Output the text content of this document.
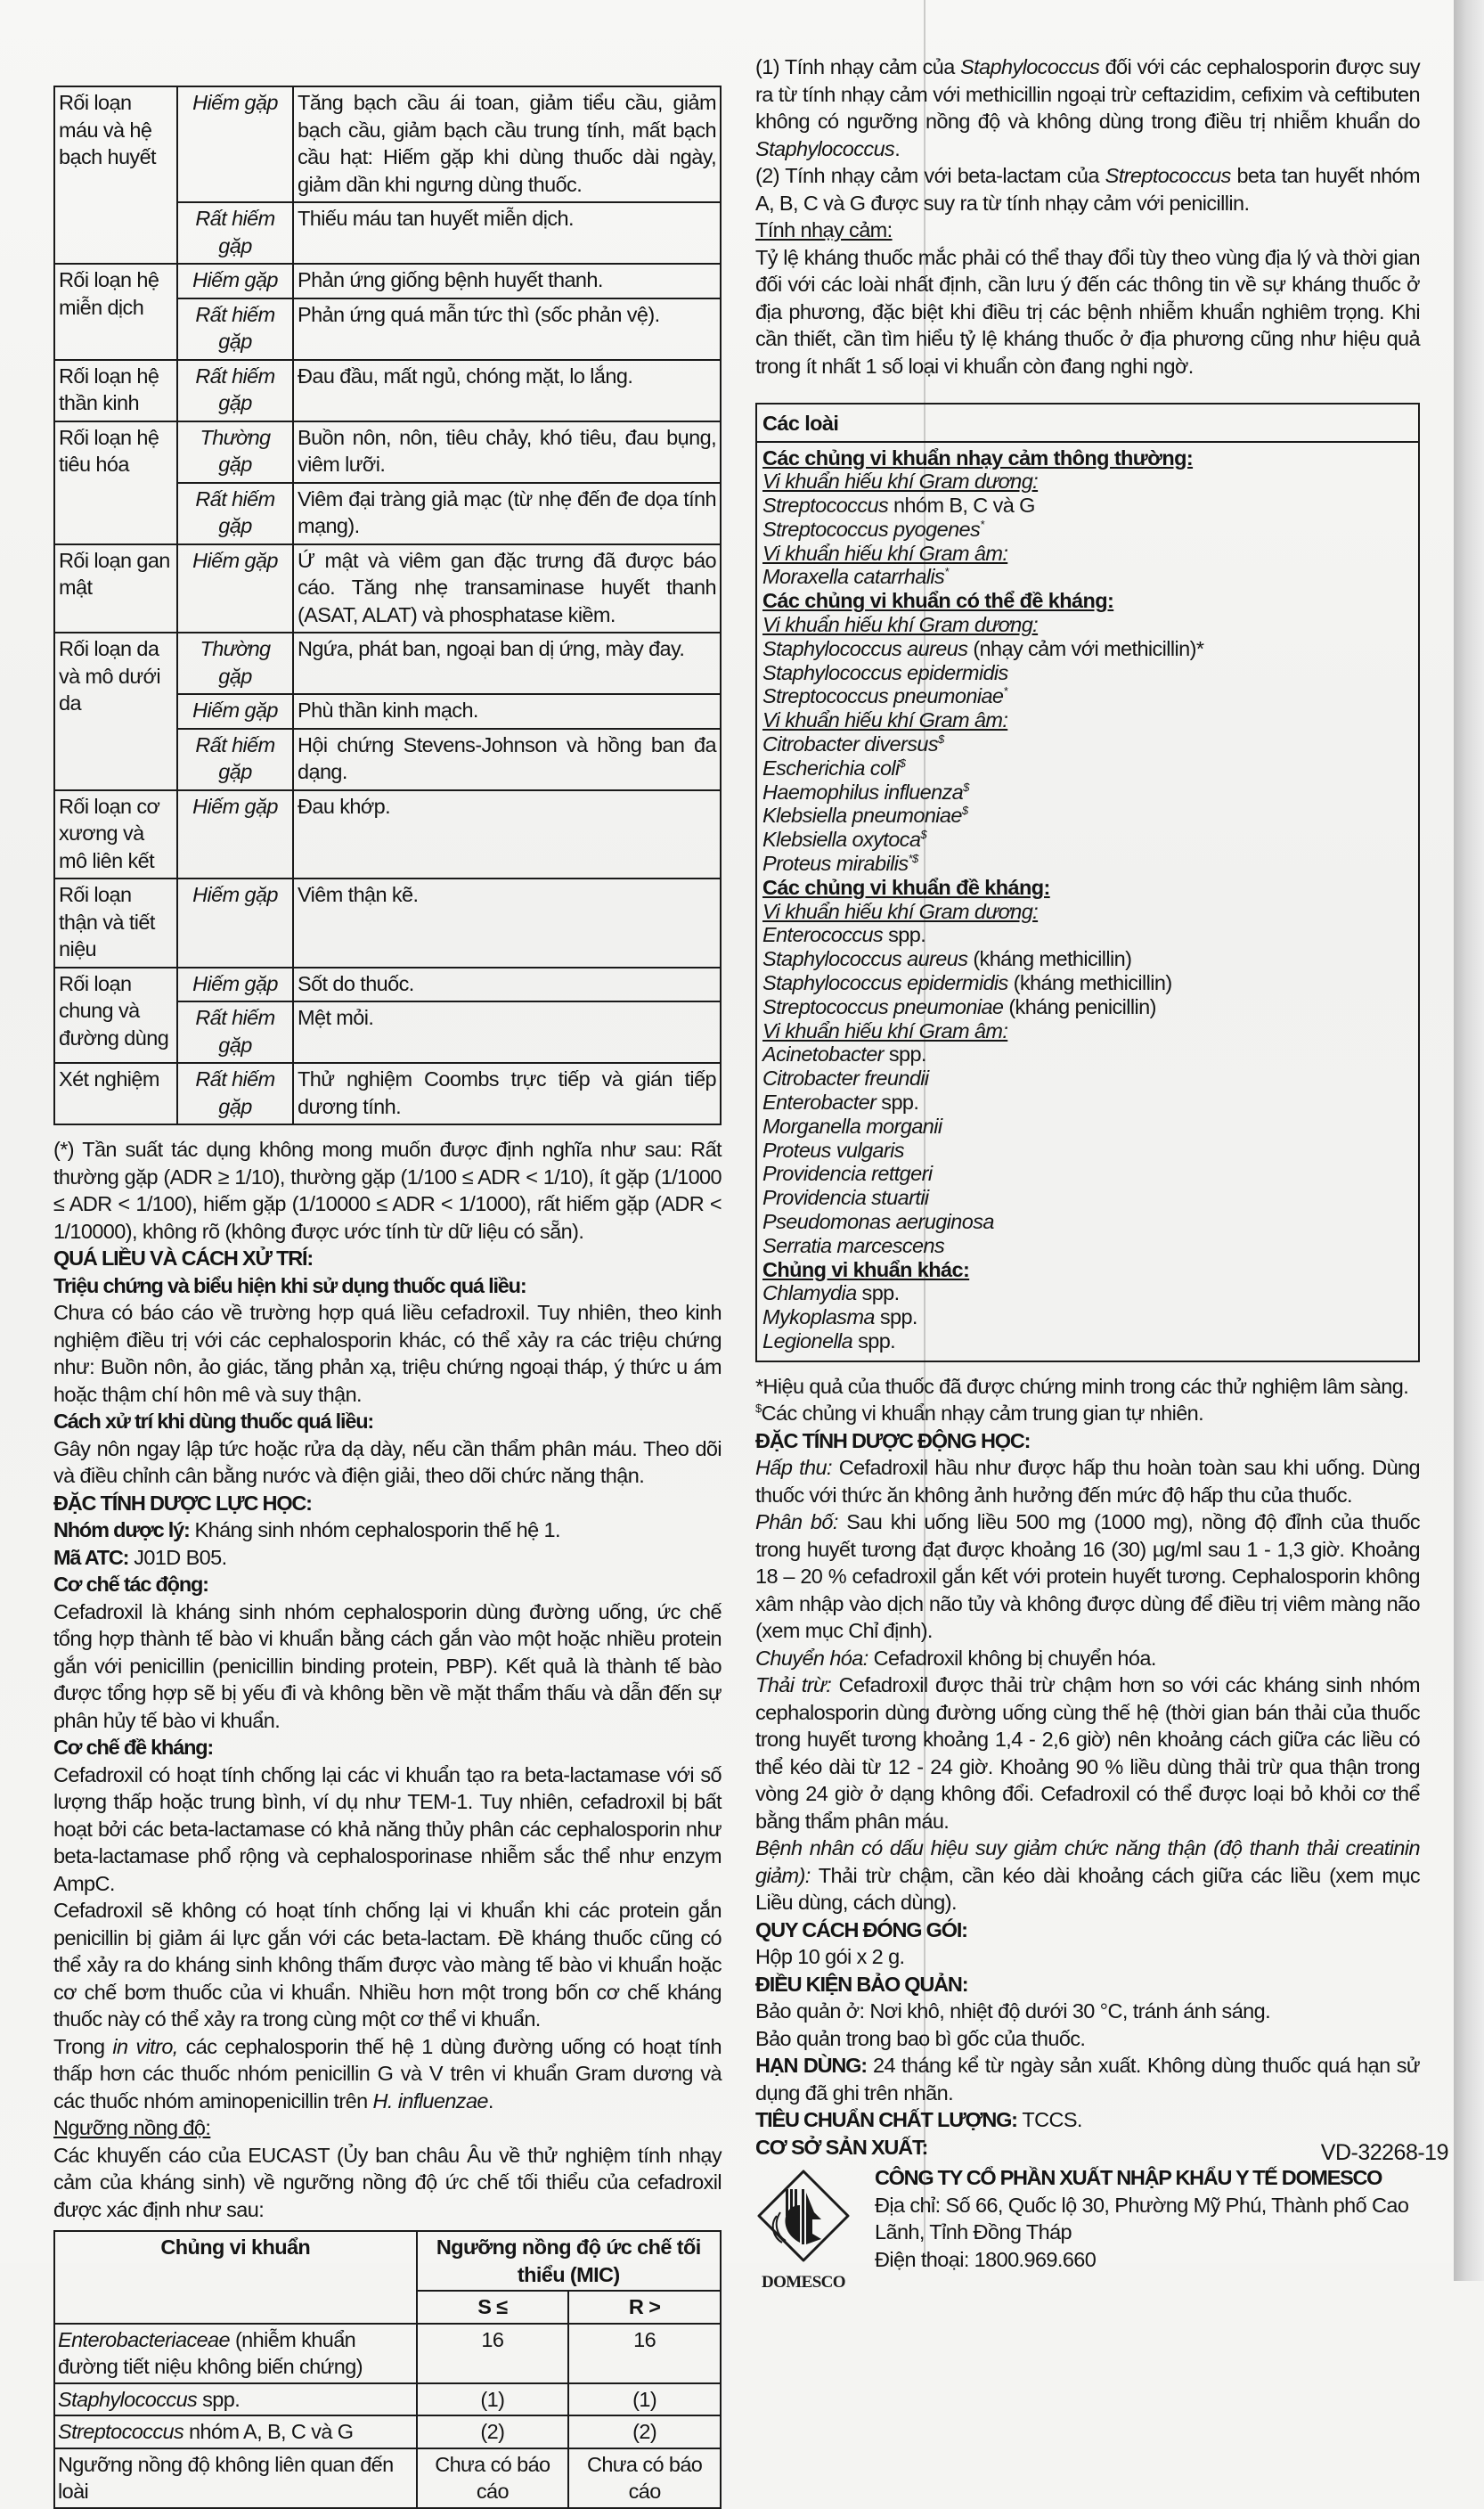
Rối loạn máu và hệ bạch huyết	Hiếm gặp	Tăng bạch cầu ái toan, giảm tiểu cầu, giảm bạch cầu, giảm bạch cầu trung tính, mất bạch cầu hạt: Hiếm gặp khi dùng thuốc dài ngày, giảm dần khi ngưng dùng thuốc.
	Rất hiếm gặp	Thiếu máu tan huyết miễn dịch.
Rối loạn hệ miễn dịch	Hiếm gặp	Phản ứng giống bệnh huyết thanh.
	Rất hiếm gặp	Phản ứng quá mẫn tức thì (sốc phản vệ).
Rối loạn hệ thần kinh	Rất hiếm gặp	Đau đầu, mất ngủ, chóng mặt, lo lắng.
Rối loạn hệ tiêu hóa	Thường gặp	Buồn nôn, nôn, tiêu chảy, khó tiêu, đau bụng, viêm lưỡi.
	Rất hiếm gặp	Viêm đại tràng giả mạc (từ nhẹ đến đe dọa tính mạng).
Rối loạn gan mật	Hiếm gặp	Ứ mật và viêm gan đặc trưng đã được báo cáo. Tăng nhẹ transaminase huyết thanh (ASAT, ALAT) và phosphatase kiềm.
Rối loạn da và mô dưới da	Thường gặp	Ngứa, phát ban, ngoại ban dị ứng, mày đay.
	Hiếm gặp	Phù thần kinh mạch.
	Rất hiếm gặp	Hội chứng Stevens-Johnson và hồng ban đa dạng.
Rối loạn cơ xương và mô liên kết	Hiếm gặp	Đau khớp.
Rối loạn thận và tiết niệu	Hiếm gặp	Viêm thận kẽ.
Rối loạn chung và đường dùng	Hiếm gặp	Sốt do thuốc.
	Rất hiếm gặp	Mệt mỏi.
Xét nghiệm	Rất hiếm gặp	Thử nghiệm Coombs trực tiếp và gián tiếp dương tính.

(*) Tần suất tác dụng không mong muốn được định nghĩa như sau: Rất thường gặp (ADR ≥ 1/10), thường gặp (1/100 ≤ ADR < 1/10), ít gặp (1/1000 ≤ ADR < 1/100), hiếm gặp (1/10000 ≤ ADR < 1/1000), rất hiếm gặp (ADR < 1/10000), không rõ (không được ước tính từ dữ liệu có sẵn).

QUÁ LIỀU VÀ CÁCH XỬ TRÍ:
Triệu chứng và biểu hiện khi sử dụng thuốc quá liều:

Chưa có báo cáo về trường hợp quá liều cefadroxil. Tuy nhiên, theo kinh nghiệm điều trị với các cephalosporin khác, có thể xảy ra các triệu chứng như: Buồn nôn, ảo giác, tăng phản xạ, triệu chứng ngoại tháp, ý thức u ám hoặc thậm chí hôn mê và suy thận.

Cách xử trí khi dùng thuốc quá liều:

Gây nôn ngay lập tức hoặc rửa dạ dày, nếu cần thẩm phân máu. Theo dõi và điều chỉnh cân bằng nước và điện giải, theo dõi chức năng thận.

ĐẶC TÍNH DƯỢC LỰC HỌC:

Nhóm dược lý: Kháng sinh nhóm cephalosporin thế hệ 1.

Mã ATC: J01D B05.

Cơ chế tác động:

Cefadroxil là kháng sinh nhóm cephalosporin dùng đường uống, ức chế tổng hợp thành tế bào vi khuẩn bằng cách gắn vào một hoặc nhiều protein gắn với penicillin (penicillin binding protein, PBP). Kết quả là thành tế bào được tổng hợp sẽ bị yếu đi và không bền về mặt thẩm thấu và dẫn đến sự phân hủy tế bào vi khuẩn.

Cơ chế đề kháng:

Cefadroxil có hoạt tính chống lại các vi khuẩn tạo ra beta-lactamase với số lượng thấp hoặc trung bình, ví dụ như TEM-1. Tuy nhiên, cefadroxil bị bất hoạt bởi các beta-lactamase có khả năng thủy phân các cephalosporin như beta-lactamase phổ rộng và cephalosporinase nhiễm sắc thể như enzym AmpC.

Cefadroxil sẽ không có hoạt tính chống lại vi khuẩn khi các protein gắn penicillin bị giảm ái lực gắn với các beta-lactam. Đề kháng thuốc cũng có thể xảy ra do kháng sinh không thấm được vào màng tế bào vi khuẩn hoặc cơ chế bơm thuốc của vi khuẩn. Nhiều hơn một trong bốn cơ chế kháng thuốc này có thể xảy ra trong cùng một cơ thể vi khuẩn.

Trong in vitro, các cephalosporin thế hệ 1 dùng đường uống có hoạt tính thấp hơn các thuốc nhóm penicillin G và V trên vi khuẩn Gram dương và các thuốc nhóm aminopenicillin trên H. influenzae.

Ngưỡng nồng độ:

Các khuyến cáo của EUCAST (Ủy ban châu Âu về thử nghiệm tính nhạy cảm của kháng sinh) về ngưỡng nồng độ ức chế tối thiểu của cefadroxil được xác định như sau:

Chủng vi khuẩn	Ngưỡng nồng độ ức chế tối thiểu (MIC)	
	S ≤	R >
Enterobacteriaceae (nhiễm khuẩn đường tiết niệu không biến chứng)	16	16
Staphylococcus spp.	(1)	(1)
Streptococcus nhóm A, B, C và G	(2)	(2)
Ngưỡng nồng độ không liên quan đến loài	Chưa có báo cáo	Chưa có báo cáo

(1) Tính nhạy cảm của Staphylococcus đối với các cephalosporin được suy ra từ tính nhạy cảm với methicillin ngoại trừ ceftazidim, cefixim và ceftibuten không có ngưỡng nồng độ và không dùng trong điều trị nhiễm khuẩn do Staphylococcus.

(2) Tính nhạy cảm với beta-lactam của Streptococcus beta tan huyết nhóm A, B, C và G được suy ra từ tính nhạy cảm với penicillin.

Tính nhạy cảm:

Tỷ lệ kháng thuốc mắc phải có thể thay đổi tùy theo vùng địa lý và thời gian đối với các loài nhất định, cần lưu ý đến các thông tin về sự kháng thuốc ở địa phương, đặc biệt khi điều trị các bệnh nhiễm khuẩn nghiêm trọng. Khi cần thiết, cần tìm hiểu tỷ lệ kháng thuốc ở địa phương cũng như hiệu quả trong ít nhất 1 số loại vi khuẩn còn đang nghi ngờ.

Các loài
Các chủng vi khuẩn nhạy cảm thông thường:
Vi khuẩn hiếu khí Gram dương:
Streptococcus nhóm B, C và G
Streptococcus pyogenes*
Vi khuẩn hiếu khí Gram âm:
Moraxella catarrhalis*
Các chủng vi khuẩn có thể đề kháng:
Vi khuẩn hiếu khí Gram dương:
Staphylococcus aureus (nhạy cảm với methicillin)*
Staphylococcus epidermidis
Streptococcus pneumoniae*
Vi khuẩn hiếu khí Gram âm:
Citrobacter diversus$
Escherichia coli$
Haemophilus influenza$
Klebsiella pneumoniae$
Klebsiella oxytoca$
Proteus mirabilis*$
Các chủng vi khuẩn đề kháng:
Vi khuẩn hiếu khí Gram dương:
Enterococcus spp.
Staphylococcus aureus (kháng methicillin)
Staphylococcus epidermidis (kháng methicillin)
Streptococcus pneumoniae (kháng penicillin)
Vi khuẩn hiếu khí Gram âm:
Acinetobacter spp.
Citrobacter freundii
Enterobacter spp.
Morganella morganii
Proteus vulgaris
Providencia rettgeri
Providencia stuartii
Pseudomonas aeruginosa
Serratia marcescens
Chủng vi khuẩn khác:
Chlamydia spp.
Mykoplasma spp.
Legionella spp.

*Hiệu quả của thuốc đã được chứng minh trong các thử nghiệm lâm sàng.

$Các chủng vi khuẩn nhạy cảm trung gian tự nhiên.

ĐẶC TÍNH DƯỢC ĐỘNG HỌC:

Hấp thu: Cefadroxil hầu như được hấp thu hoàn toàn sau khi uống. Dùng thuốc với thức ăn không ảnh hưởng đến mức độ hấp thu của thuốc.

Phân bố: Sau khi uống liều 500 mg (1000 mg), nồng độ đỉnh của thuốc trong huyết tương đạt được khoảng 16 (30) µg/ml sau 1 - 1,3 giờ. Khoảng 18 – 20 % cefadroxil gắn kết với protein huyết tương. Cephalosporin không xâm nhập vào dịch não tủy và không được dùng để điều trị viêm màng não (xem mục Chỉ định).

Chuyển hóa: Cefadroxil không bị chuyển hóa.

Thải trừ: Cefadroxil được thải trừ chậm hơn so với các kháng sinh nhóm cephalosporin dùng đường uống cùng thế hệ (thời gian bán thải của thuốc trong huyết tương khoảng 1,4 - 2,6 giờ) nên khoảng cách giữa các liều có thể kéo dài từ 12 - 24 giờ. Khoảng 90 % liều dùng thải trừ qua thận trong vòng 24 giờ ở dạng không đổi. Cefadroxil có thể được loại bỏ khỏi cơ thể bằng thẩm phân máu.

Bệnh nhân có dấu hiệu suy giảm chức năng thận (độ thanh thải creatinin giảm): Thải trừ chậm, cần kéo dài khoảng cách giữa các liều (xem mục Liều dùng, cách dùng).

QUY CÁCH ĐÓNG GÓI:

Hộp 10 gói x 2 g.

ĐIỀU KIỆN BẢO QUẢN:

Bảo quản ở: Nơi khô, nhiệt độ dưới 30 °C, tránh ánh sáng.

Bảo quản trong bao bì gốc của thuốc.

HẠN DÙNG: 24 tháng kể từ ngày sản xuất. Không dùng thuốc quá hạn sử dụng đã ghi trên nhãn.

TIÊU CHUẨN CHẤT LƯỢNG: TCCS.

CƠ SỞ SẢN XUẤT:
DOMESCO
CÔNG TY CỔ PHẦN XUẤT NHẬP KHẨU Y TẾ DOMESCO
Địa chỉ: Số 66, Quốc lộ 30, Phường Mỹ Phú, Thành phố Cao Lãnh, Tỉnh Đồng Tháp
Điện thoại: 1800.969.660
VD-32268-19
